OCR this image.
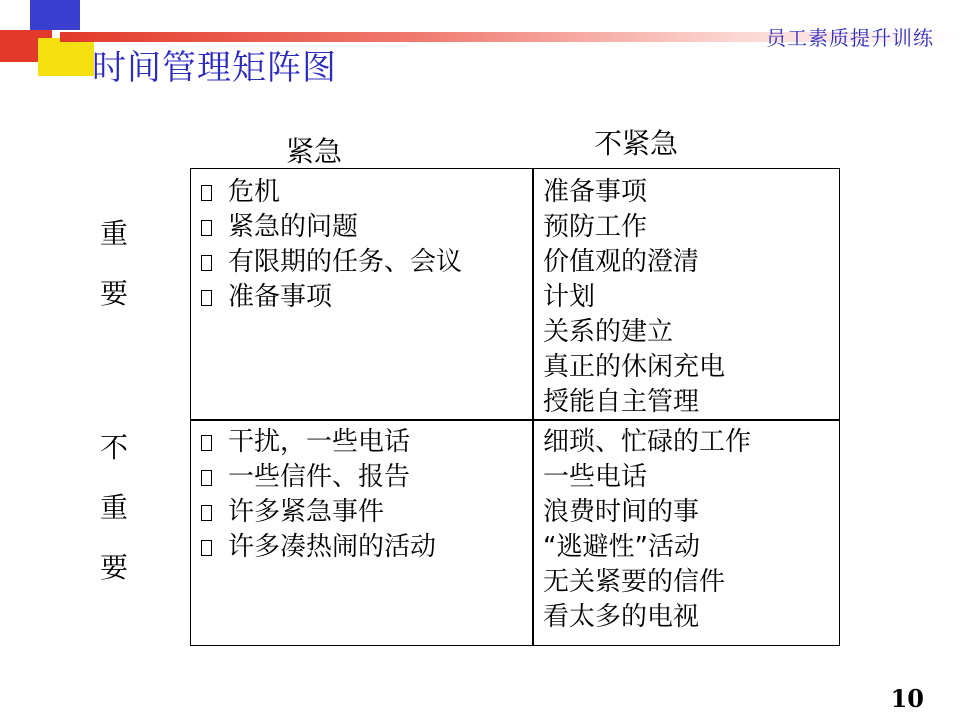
员工素质提升训练
时间管理矩阵图
紧急	不紧急
重
要
不
重
要
危机
紧急的问题
有限期的任务、会议
准备事项
准备事项
预防工作
价值观的澄清
计划
关系的建立
真正的休闲充电
授能自主管理
干扰，一些电话
一些信件、报告
许多紧急事件
许多凑热闹的活动
细琐、忙碌的工作
一些电话
浪费时间的事
“逃避性”活动
无关紧要的信件
看太多的电视
10
